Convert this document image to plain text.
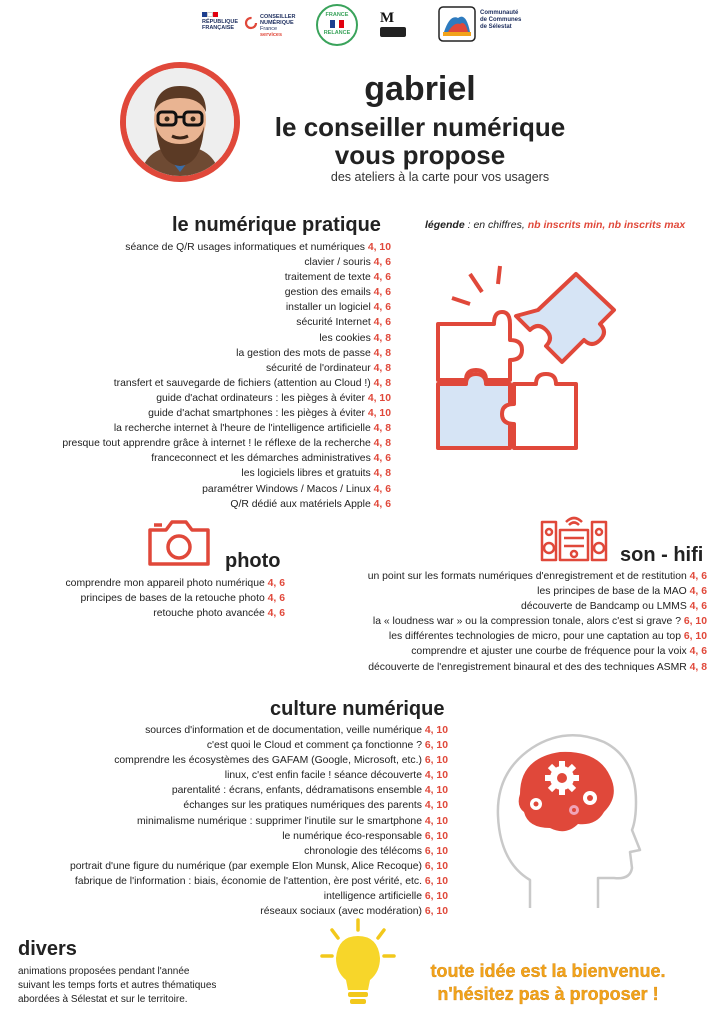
RÉPUBLIQUE
FRANÇAISE
CONSEILLER
NUMÉRIQUE
France
services
FRANCE
RELANCE
M	Communauté
de Communes
de Sélestat
gabriel
le conseiller numérique
vous propose
des ateliers à la carte pour vos usagers
légende : en chiffres, nb inscrits min, nb inscrits max
le numérique pratique
séance de Q/R usages informatiques et numériques 4, 10
clavier / souris 4, 6
traitement de texte 4, 6
gestion des emails 4, 6
installer un logiciel 4, 6
sécurité Internet 4, 6
les cookies 4, 8
la gestion des mots de passe 4, 8
sécurité de l'ordinateur 4, 8
transfert et sauvegarde de fichiers (attention au Cloud !) 4, 8
guide d'achat ordinateurs : les pièges à éviter 4, 10
guide d'achat smartphones : les pièges à éviter 4, 10
la recherche internet à l'heure de l'intelligence artificielle 4, 8
presque tout apprendre grâce à internet ! le réflexe de la recherche 4, 8
franceconnect et les démarches administratives 4, 6
les logiciels libres et gratuits 4, 8
paramétrer Windows / Macos / Linux 4, 6
Q/R dédié aux matériels Apple 4, 6
photo
comprendre mon appareil photo numérique 4, 6
principes de bases de la retouche photo 4, 6
retouche photo avancée 4, 6
son - hifi
un point sur les formats numériques d'enregistrement et de restitution 4, 6
les principes de base de la MAO 4, 6
découverte de Bandcamp ou LMMS 4, 6
la « loudness war » ou la compression tonale, alors c'est si grave ? 6, 10
les différentes technologies de micro, pour une captation au top 6, 10
comprendre et ajuster une courbe de fréquence pour la voix 4, 6
découverte de l'enregistrement binaural et des des techniques ASMR 4, 8
culture numérique
sources d'information et de documentation, veille numérique 4, 10
c'est quoi le Cloud et comment ça fonctionne ? 6, 10
comprendre les écosystèmes des GAFAM (Google, Microsoft, etc.) 6, 10
linux, c'est enfin facile ! séance découverte 4, 10
parentalité : écrans, enfants, dédramatisons ensemble 4, 10
échanges sur les pratiques numériques des parents 4, 10
minimalisme numérique : supprimer l'inutile sur le smartphone 4, 10
le numérique éco-responsable 6, 10
chronologie des télécoms 6, 10
portrait d'une figure du numérique (par exemple Elon Munsk, Alice Recoque) 6, 10
fabrique de l'information : biais, économie de l'attention, ère post vérité, etc. 6, 10
intelligence artificielle 6, 10
réseaux sociaux (avec modération) 6, 10
divers
animations proposées pendant l'année
suivant les temps forts et autres thématiques
abordées à Sélestat et sur le territoire.
toute idée est la bienvenue.
n'hésitez pas à proposer !
